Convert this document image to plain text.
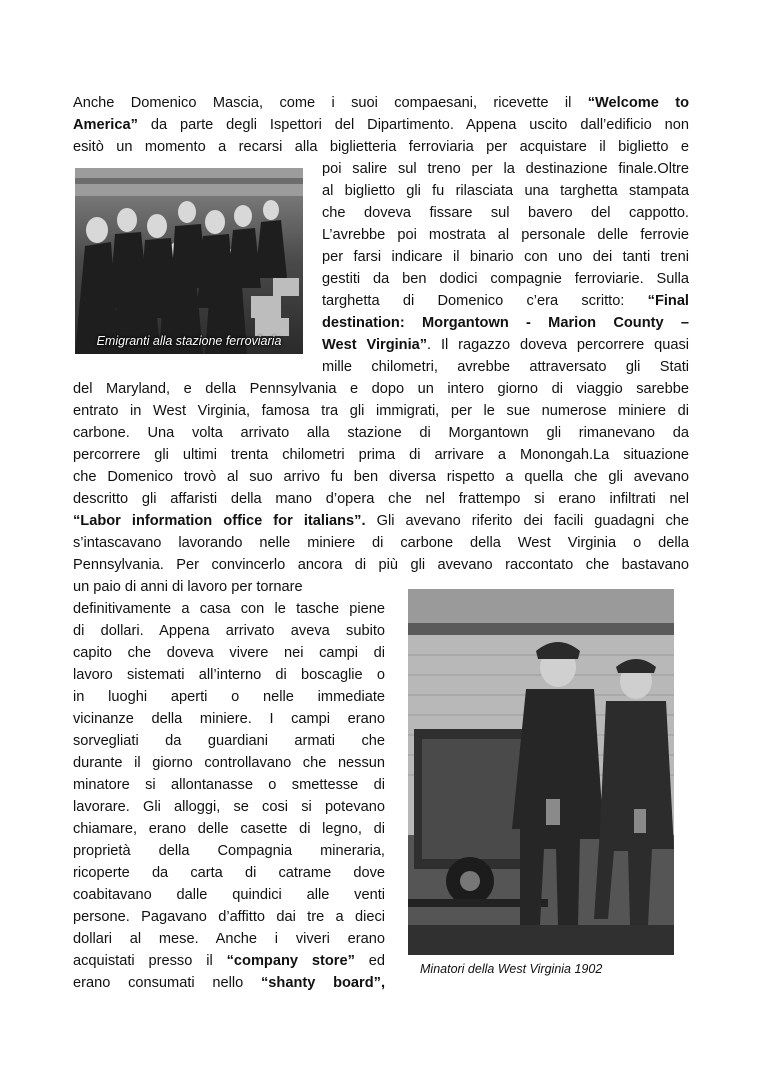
Anche Domenico Mascia, come i suoi compaesani, ricevette il “Welcome to
America” da parte degli Ispettori del Dipartimento. Appena uscito dall’edificio non
esitò un momento a recarsi alla biglietteria ferroviaria per acquistare il biglietto e
Emigranti alla stazione ferroviaria
poi salire sul treno per la destinazione finale.Oltre
al biglietto gli fu rilasciata una targhetta stampata
che doveva fissare sul bavero del cappotto.
L’avrebbe poi mostrata al personale delle ferrovie
per farsi indicare il binario con uno dei tanti treni
gestiti da ben dodici compagnie ferroviarie. Sulla
targhetta di Domenico c’era scritto: “Final
destination: Morgantown - Marion County –
West Virginia”. Il ragazzo doveva percorrere quasi
mille chilometri, avrebbe attraversato gli Stati
del Maryland, e della Pennsylvania e dopo un intero giorno di viaggio sarebbe
entrato in West Virginia, famosa tra gli immigrati, per le sue numerose miniere di
carbone. Una volta arrivato alla stazione di Morgantown gli rimanevano da
percorrere gli ultimi trenta chilometri prima di arrivare a Monongah.La situazione
che Domenico trovò al suo arrivo fu ben diversa rispetto a quella che gli avevano
descritto gli affaristi della mano d’opera che nel frattempo si erano infiltrati nel
“Labor information office for italians”. Gli avevano riferito dei facili guadagni che
s’intascavano lavorando nelle miniere di carbone della West Virginia o della
Pennsylvania. Per convincerlo ancora di più gli avevano raccontato che bastavano
un paio di anni di lavoro per tornare
definitivamente a casa con le tasche piene
di dollari. Appena arrivato aveva subito
capito che doveva vivere nei campi di
lavoro sistemati all’interno di boscaglie o
in luoghi aperti o nelle immediate
vicinanze della miniere. I campi erano
sorvegliati da guardiani armati che
durante il giorno controllavano che nessun
minatore si allontanasse o smettesse di
lavorare. Gli alloggi, se cosi si potevano
chiamare, erano delle casette di legno, di
proprietà della Compagnia mineraria,
ricoperte da carta di catrame dove
coabitavano dalle quindici alle venti
persone. Pagavano d’affitto dai tre a dieci
dollari al mese. Anche i viveri erano
acquistati presso il “company store” ed
erano consumati nello “shanty board”,
Minatori della West Virginia 1902
